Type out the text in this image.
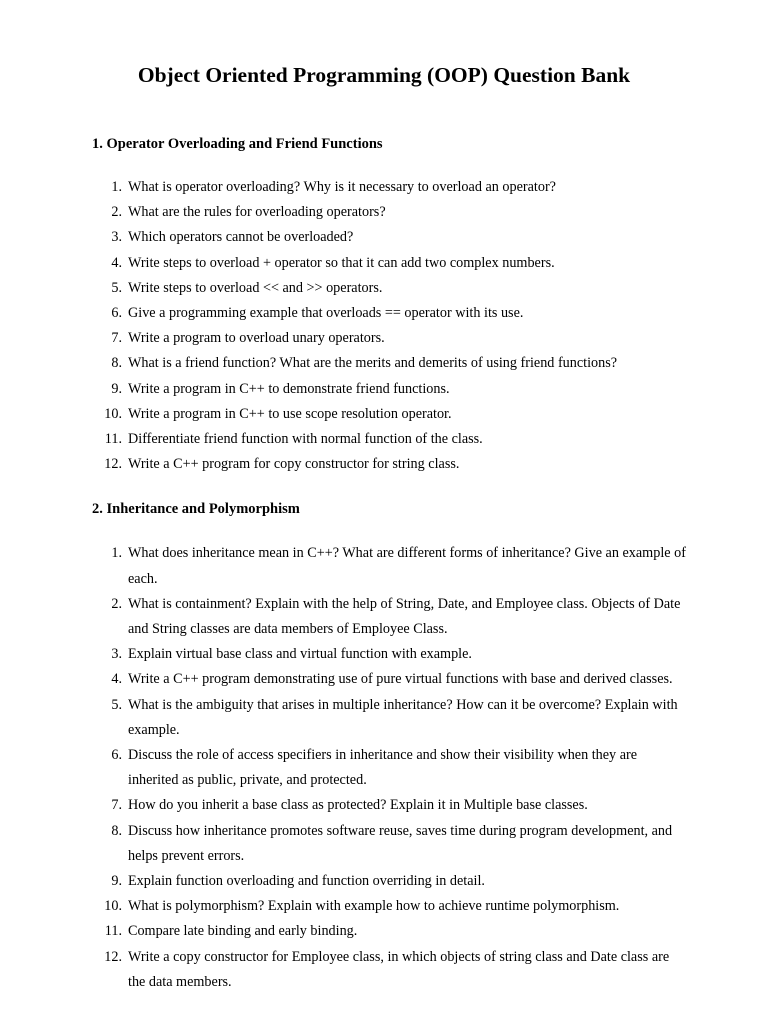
Object Oriented Programming (OOP) Question Bank
1. Operator Overloading and Friend Functions
1. What is operator overloading? Why is it necessary to overload an operator?
2. What are the rules for overloading operators?
3. Which operators cannot be overloaded?
4. Write steps to overload + operator so that it can add two complex numbers.
5. Write steps to overload << and >> operators.
6. Give a programming example that overloads == operator with its use.
7. Write a program to overload unary operators.
8. What is a friend function? What are the merits and demerits of using friend functions?
9. Write a program in C++ to demonstrate friend functions.
10. Write a program in C++ to use scope resolution operator.
11. Differentiate friend function with normal function of the class.
12. Write a C++ program for copy constructor for string class.
2. Inheritance and Polymorphism
1. What does inheritance mean in C++? What are different forms of inheritance? Give an example of each.
2. What is containment? Explain with the help of String, Date, and Employee class. Objects of Date and String classes are data members of Employee Class.
3. Explain virtual base class and virtual function with example.
4. Write a C++ program demonstrating use of pure virtual functions with base and derived classes.
5. What is the ambiguity that arises in multiple inheritance? How can it be overcome? Explain with example.
6. Discuss the role of access specifiers in inheritance and show their visibility when they are inherited as public, private, and protected.
7. How do you inherit a base class as protected? Explain it in Multiple base classes.
8. Discuss how inheritance promotes software reuse, saves time during program development, and helps prevent errors.
9. Explain function overloading and function overriding in detail.
10. What is polymorphism? Explain with example how to achieve runtime polymorphism.
11. Compare late binding and early binding.
12. Write a copy constructor for Employee class, in which objects of string class and Date class are the data members.
